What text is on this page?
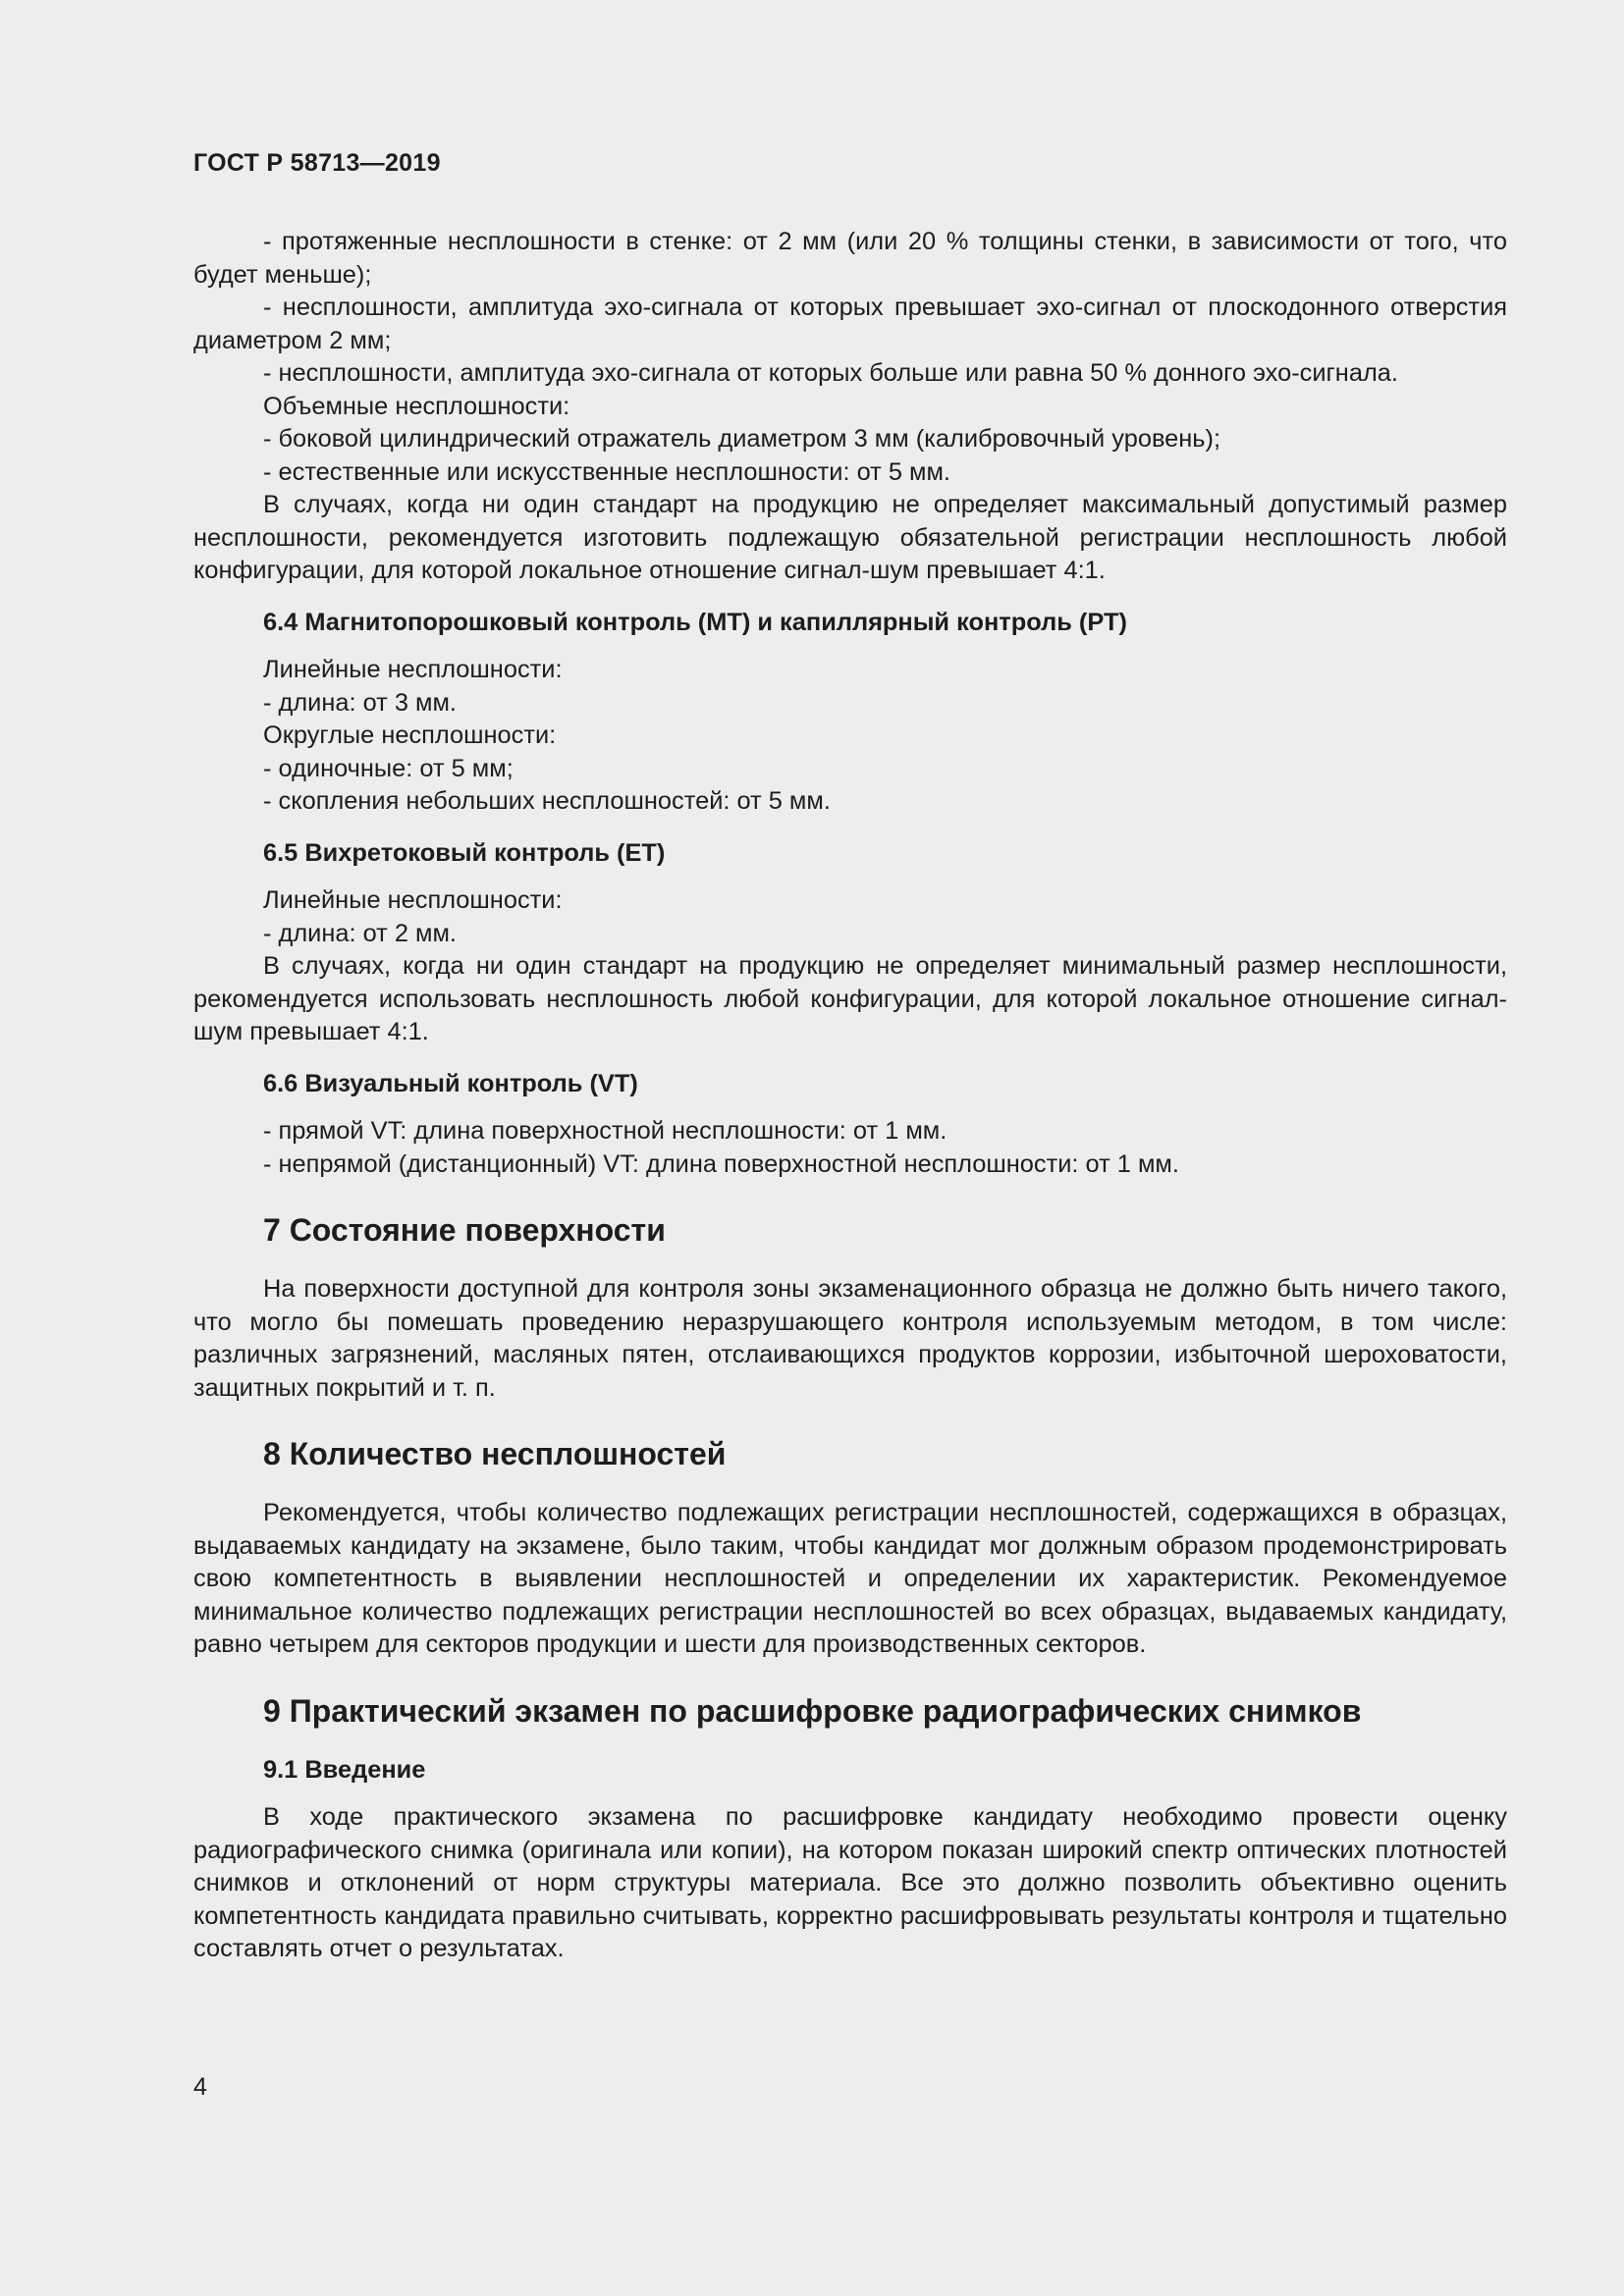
ГОСТ Р 58713—2019

- протяженные несплошности в стенке: от 2 мм (или 20 % толщины стенки, в зависимости от того, что будет меньше);

- несплошности, амплитуда эхо-сигнала от которых превышает эхо-сигнал от плоскодонного отверстия диаметром 2 мм;

- несплошности, амплитуда эхо-сигнала от которых больше или равна 50 % донного эхо-сигнала.

Объемные несплошности:

- боковой цилиндрический отражатель диаметром 3 мм (калибровочный уровень);

- естественные или искусственные несплошности: от 5 мм.

В случаях, когда ни один стандарт на продукцию не определяет максимальный допустимый размер несплошности, рекомендуется изготовить подлежащую обязательной регистрации несплошность любой конфигурации, для которой локальное отношение сигнал-шум превышает 4:1.

6.4 Магнитопорошковый контроль (МТ) и капиллярный контроль (РТ)

Линейные несплошности:

- длина: от 3 мм.

Округлые несплошности:

- одиночные: от 5 мм;

- скопления небольших несплошностей: от 5 мм.

6.5 Вихретоковый контроль (ЕТ)

Линейные несплошности:

- длина: от 2 мм.

В случаях, когда ни один стандарт на продукцию не определяет минимальный размер несплошности, рекомендуется использовать несплошность любой конфигурации, для которой локальное отношение сигнал-шум превышает 4:1.

6.6 Визуальный контроль (VT)

- прямой VT: длина поверхностной несплошности: от 1 мм.

- непрямой (дистанционный) VT: длина поверхностной несплошности: от 1 мм.

7 Состояние поверхности

На поверхности доступной для контроля зоны экзаменационного образца не должно быть ничего такого, что могло бы помешать проведению неразрушающего контроля используемым методом, в том числе: различных загрязнений, масляных пятен, отслаивающихся продуктов коррозии, избыточной шероховатости, защитных покрытий и т. п.

8 Количество несплошностей

Рекомендуется, чтобы количество подлежащих регистрации несплошностей, содержащихся в образцах, выдаваемых кандидату на экзамене, было таким, чтобы кандидат мог должным образом продемонстрировать свою компетентность в выявлении несплошностей и определении их характеристик. Рекомендуемое минимальное количество подлежащих регистрации несплошностей во всех образцах, выдаваемых кандидату, равно четырем для секторов продукции и шести для производственных секторов.

9 Практический экзамен по расшифровке радиографических снимков
9.1 Введение

В ходе практического экзамена по расшифровке кандидату необходимо провести оценку радиографического снимка (оригинала или копии), на котором показан широкий спектр оптических плотностей снимков и отклонений от норм структуры материала. Все это должно позволить объективно оценить компетентность кандидата правильно считывать, корректно расшифровывать результаты контроля и тщательно составлять отчет о результатах.

4
